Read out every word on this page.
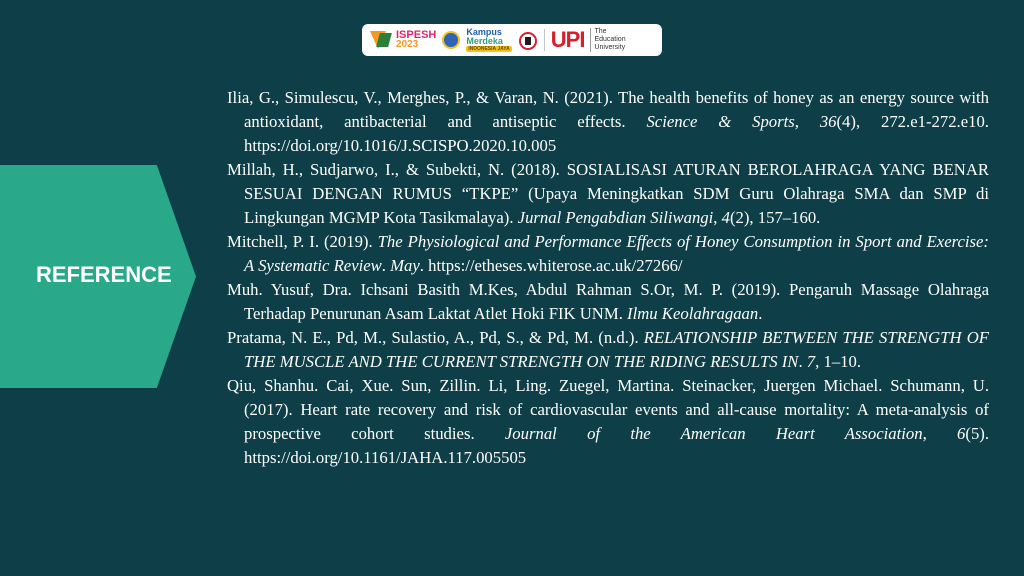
ISPESH
2023
Kampus
Merdeka
INDONESIA JAYA UPI The
Education
University
REFERENCE

Ilia, G., Simulescu, V., Merghes, P., & Varan, N. (2021). The health benefits of honey as an energy source with antioxidant, antibacterial and antiseptic effects. Science & Sports, 36(4), 272.e1-272.e10. https://doi.org/10.1016/J.SCISPO.2020.10.005

Millah, H., Sudjarwo, I., & Subekti, N. (2018). SOSIALISASI ATURAN BEROLAHRAGA YANG BENAR SESUAI DENGAN RUMUS “TKPE” (Upaya Meningkatkan SDM Guru Olahraga SMA dan SMP di Lingkungan MGMP Kota Tasikmalaya). Jurnal Pengabdian Siliwangi, 4(2), 157–160.

Mitchell, P. I. (2019). The Physiological and Performance Effects of Honey Consumption in Sport and Exercise: A Systematic Review. May. https://etheses.whiterose.ac.uk/27266/

Muh. Yusuf, Dra. Ichsani Basith M.Kes, Abdul Rahman S.Or, M. P. (2019). Pengaruh Massage Olahraga Terhadap Penurunan Asam Laktat Atlet Hoki FIK UNM. Ilmu Keolahragaan.

Pratama, N. E., Pd, M., Sulastio, A., Pd, S., & Pd, M. (n.d.). RELATIONSHIP BETWEEN THE STRENGTH OF THE MUSCLE AND THE CURRENT STRENGTH ON THE RIDING RESULTS IN. 7, 1–10.

Qiu, Shanhu. Cai, Xue. Sun, Zillin. Li, Ling. Zuegel, Martina. Steinacker, Juergen Michael. Schumann, U. (2017). Heart rate recovery and risk of cardiovascular events and all-cause mortality: A meta-analysis of prospective cohort studies. Journal of the American Heart Association, 6(5). https://doi.org/10.1161/JAHA.117.005505
